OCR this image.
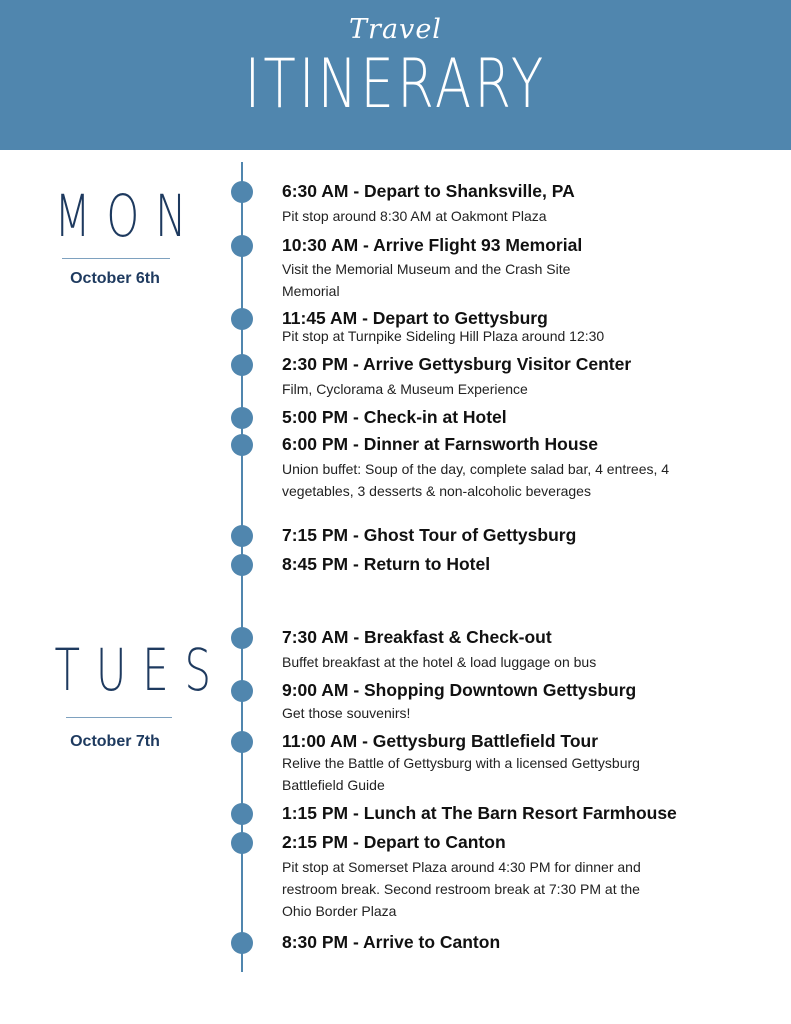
Travel
ITINERARY
MON
October 6th
TUES
October 7th
6:30 AM - Depart to Shanksville, PA
Pit stop around 8:30 AM at Oakmont Plaza
10:30 AM - Arrive Flight 93 Memorial
Visit the Memorial Museum and the Crash Site Memorial
11:45 AM - Depart to Gettysburg
Pit stop at Turnpike Sideling Hill Plaza around 12:30
2:30 PM - Arrive Gettysburg Visitor Center
Film, Cyclorama & Museum Experience
5:00 PM - Check-in at Hotel
6:00 PM - Dinner at Farnsworth House
Union buffet: Soup of the day, complete salad bar, 4 entrees, 4 vegetables, 3 desserts & non-alcoholic beverages
7:15 PM - Ghost Tour of Gettysburg
8:45 PM - Return to Hotel
7:30 AM - Breakfast & Check-out
Buffet breakfast at the hotel & load luggage on bus
9:00 AM - Shopping Downtown Gettysburg
Get those souvenirs!
11:00 AM - Gettysburg Battlefield Tour
Relive the Battle of Gettysburg with a licensed Gettysburg Battlefield Guide
1:15 PM - Lunch at The Barn Resort Farmhouse
2:15 PM - Depart to Canton
Pit stop at Somerset Plaza around 4:30 PM for dinner and restroom break. Second restroom break at 7:30 PM at the Ohio Border Plaza
8:30 PM - Arrive to Canton
